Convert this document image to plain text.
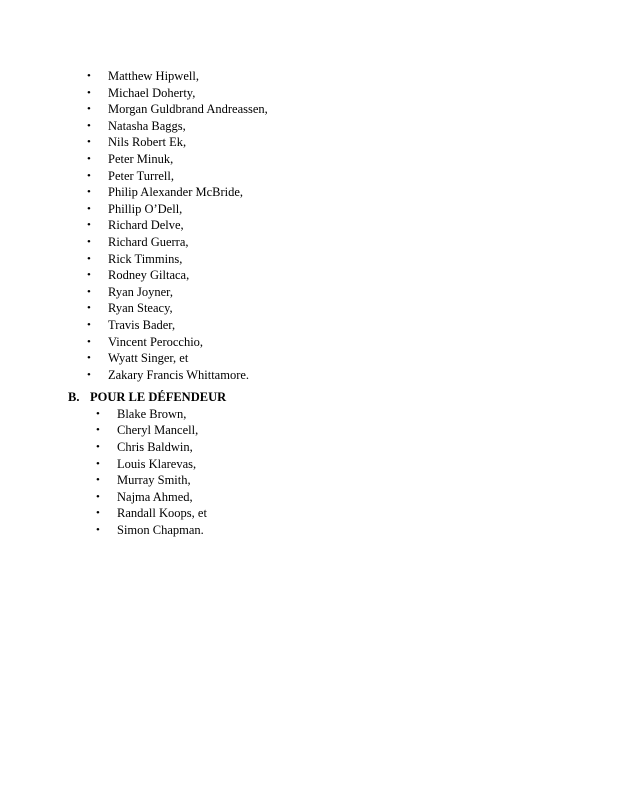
• Matthew Hipwell,
• Michael Doherty,
• Morgan Guldbrand Andreassen,
• Natasha Baggs,
• Nils Robert Ek,
• Peter Minuk,
• Peter Turrell,
• Philip Alexander McBride,
• Phillip O’Dell,
• Richard Delve,
• Richard Guerra,
• Rick Timmins,
• Rodney Giltaca,
• Ryan Joyner,
• Ryan Steacy,
• Travis Bader,
• Vincent Perocchio,
• Wyatt Singer, et
• Zakary Francis Whittamore.
B. POUR LE DÉFENDEUR
• Blake Brown,
• Cheryl Mancell,
• Chris Baldwin,
• Louis Klarevas,
• Murray Smith,
• Najma Ahmed,
• Randall Koops, et
• Simon Chapman.
